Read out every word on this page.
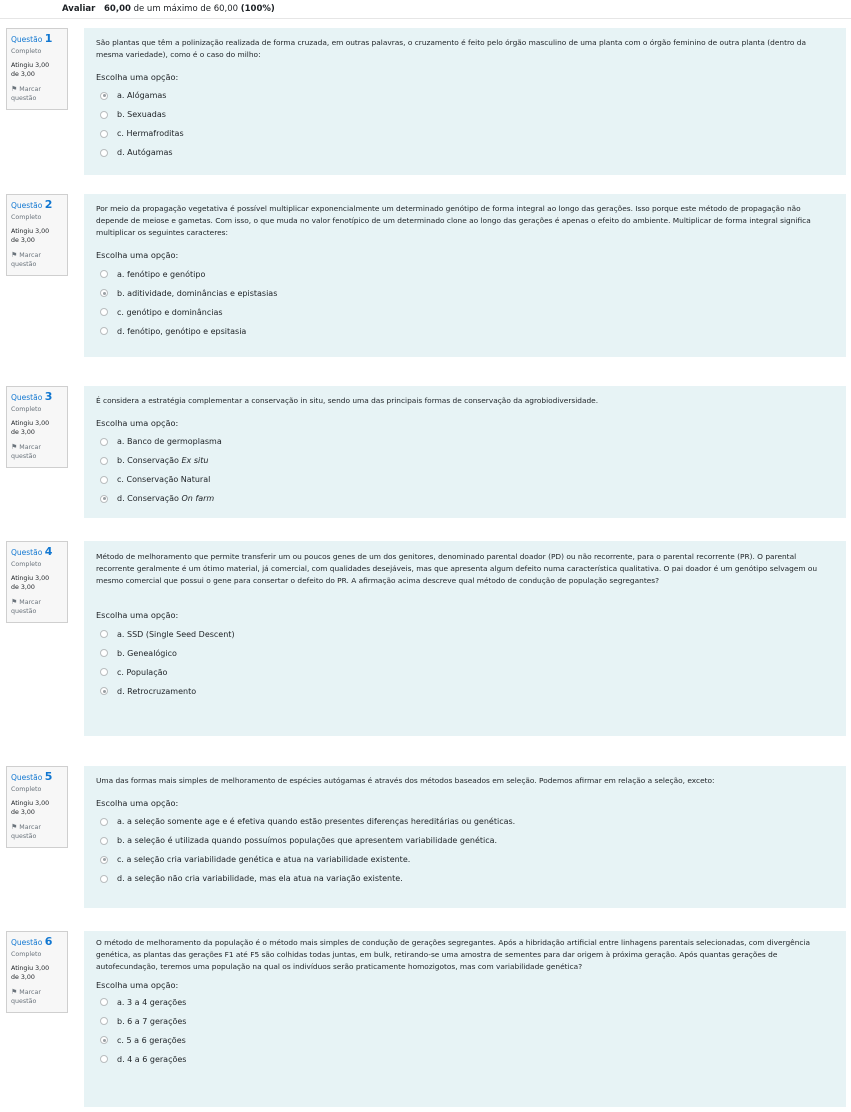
Avaliar 60,00 de um máximo de 60,00 (100%)
Questão 1
Completo
Atingiu 3,00
de 3,00
⚑ Marcar questão

São plantas que têm a polinização realizada de forma cruzada, em outras palavras, o cruzamento é feito pelo órgão masculino de uma planta com o órgão feminino de outra planta (dentro da mesma variedade), como é o caso do milho:

Escolha uma opção:
a.
Alógamas
b.
Sexuadas
c.
Hermafroditas
d.
Autógamas
Questão 2
Completo
Atingiu 3,00
de 3,00
⚑ Marcar questão

Por meio da propagação vegetativa é possível multiplicar exponencialmente um determinado genótipo de forma integral ao longo das gerações. Isso porque este método de propagação não depende de meiose e gametas. Com isso, o que muda no valor fenotípico de um determinado clone ao longo das gerações é apenas o efeito do ambiente. Multiplicar de forma integral significa multiplicar os seguintes caracteres:

Escolha uma opção:
a.
fenótipo e genótipo
b.
aditividade, dominâncias e epistasias
c.
genótipo e dominâncias
d.
fenótipo, genótipo e epsitasia
Questão 3
Completo
Atingiu 3,00
de 3,00
⚑ Marcar questão

É considera a estratégia complementar a conservação in situ, sendo uma das principais formas de conservação da agrobiodiversidade.

Escolha uma opção:
a.
Banco de germoplasma
b.
Conservação
Ex situ
c.
Conservação Natural
d.
Conservação
On farm
Questão 4
Completo
Atingiu 3,00
de 3,00
⚑ Marcar questão

Método de melhoramento que permite transferir um ou poucos genes de um dos genitores, denominado parental doador (PD) ou não recorrente, para o parental recorrente (PR). O parental recorrente geralmente é um ótimo material, já comercial, com qualidades desejáveis, mas que apresenta algum defeito numa característica qualitativa. O pai doador é um genótipo selvagem ou mesmo comercial que possui o gene para consertar o defeito do PR. A afirmação acima descreve qual método de condução de população segregantes?

Escolha uma opção:
a.
SSD (Single Seed Descent)
b.
Genealógico
c.
População
d.
Retrocruzamento
Questão 5
Completo
Atingiu 3,00
de 3,00
⚑ Marcar questão

Uma das formas mais simples de melhoramento de espécies autógamas é através dos métodos baseados em seleção. Podemos afirmar em relação a seleção, exceto:

Escolha uma opção:
a.
a seleção somente age e é efetiva quando estão presentes diferenças hereditárias ou genéticas.
b.
a seleção é utilizada quando possuímos populações que apresentem variabilidade genética.
c.
a seleção cria variabilidade genética e atua na variabilidade existente.
d.
a seleção não cria variabilidade, mas ela atua na variação existente.
Questão 6
Completo
Atingiu 3,00
de 3,00
⚑ Marcar questão

O método de melhoramento da população é o método mais simples de condução de gerações segregantes. Após a hibridação artificial entre linhagens parentais selecionadas, com divergência genética, as plantas das gerações F1 até F5 são colhidas todas juntas, em bulk, retirando-se uma amostra de sementes para dar origem à próxima geração. Após quantas gerações de autofecundação, teremos uma população na qual os indivíduos serão praticamente homozigotos, mas com variabilidade genética?

Escolha uma opção:
a.
3 a 4 gerações
b.
6 a 7 gerações
c.
5 a 6 gerações
d.
4 a 6 gerações
